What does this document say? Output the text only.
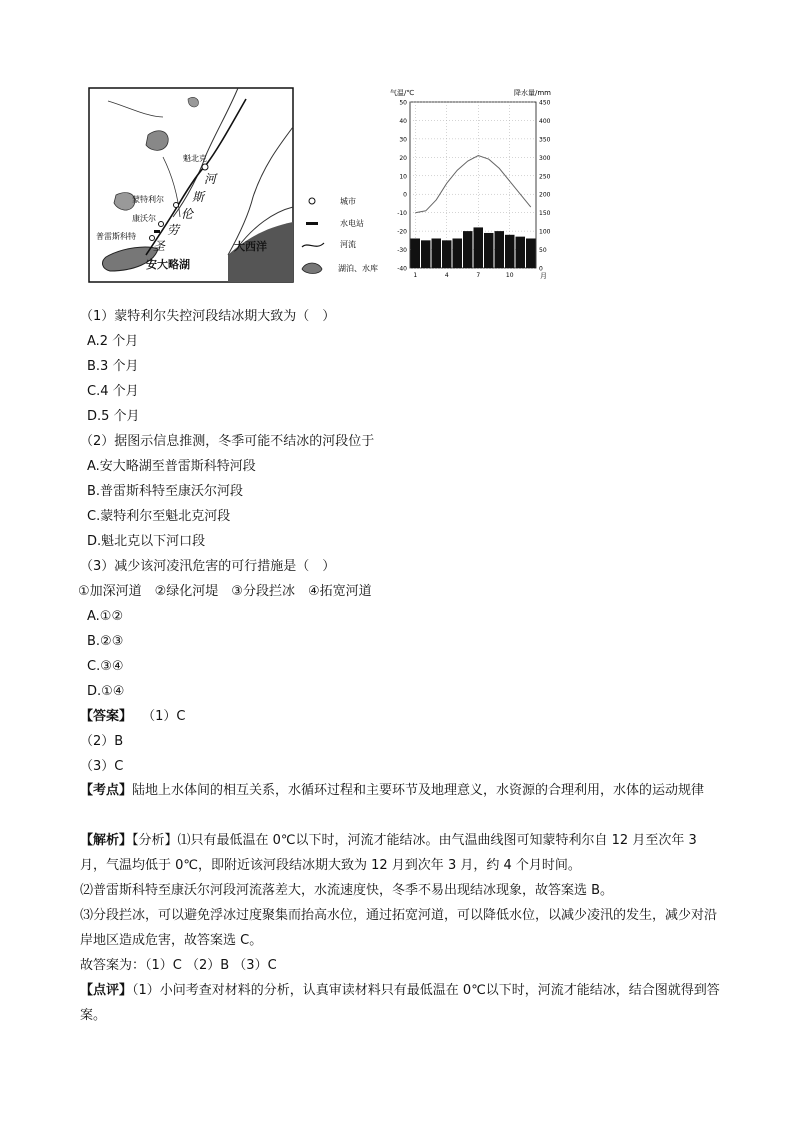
魁北克
蒙特利尔
康沃尔
普雷斯科特
河
斯
伦
劳
圣
安大略湖
大西洋
城市
水电站
河流
湖泊、水库
气温/℃	降水量/mm
月
50
40
30
20
10
0
-10
-20
-30
-40
450
400
350
300
250
200
150
100
50
0
1	4	7	10
（1）蒙特利尔失控河段结冰期大致为（　）
A.2 个月
B.3 个月
C.4 个月
D.5 个月
（2）据图示信息推测，冬季可能不结冰的河段位于
A.安大略湖至普雷斯科特河段
B.普雷斯科特至康沃尔河段
C.蒙特利尔至魁北克河段
D.魁北克以下河口段
（3）减少该河凌汛危害的可行措施是（　）
①加深河道　②绿化河堤　③分段拦冰　④拓宽河道
A.①②
B.②③
C.③④
D.①④
【答案】 （1）C
（2）B
（3）C
【考点】陆地上水体间的相互关系，水循环过程和主要环节及地理意义，水资源的合理利用，水体的运动规律
【解析】【分析】⑴只有最低温在 0℃以下时，河流才能结冰。由气温曲线图可知蒙特利尔自 12 月至次年 3 月，气温均低于 0℃，即附近该河段结冰期大致为 12 月到次年 3 月，约 4 个月时间。
⑵普雷斯科特至康沃尔河段河流落差大，水流速度快，冬季不易出现结冰现象，故答案选 B。
⑶分段拦冰，可以避免浮冰过度聚集而抬高水位，通过拓宽河道，可以降低水位，以减少凌汛的发生，减少对沿岸地区造成危害，故答案选 C。
故答案为：（1）C （2）B （3）C
【点评】（1）小问考查对材料的分析，认真审读材料只有最低温在 0℃以下时，河流才能结冰，结合图就得到答案。
